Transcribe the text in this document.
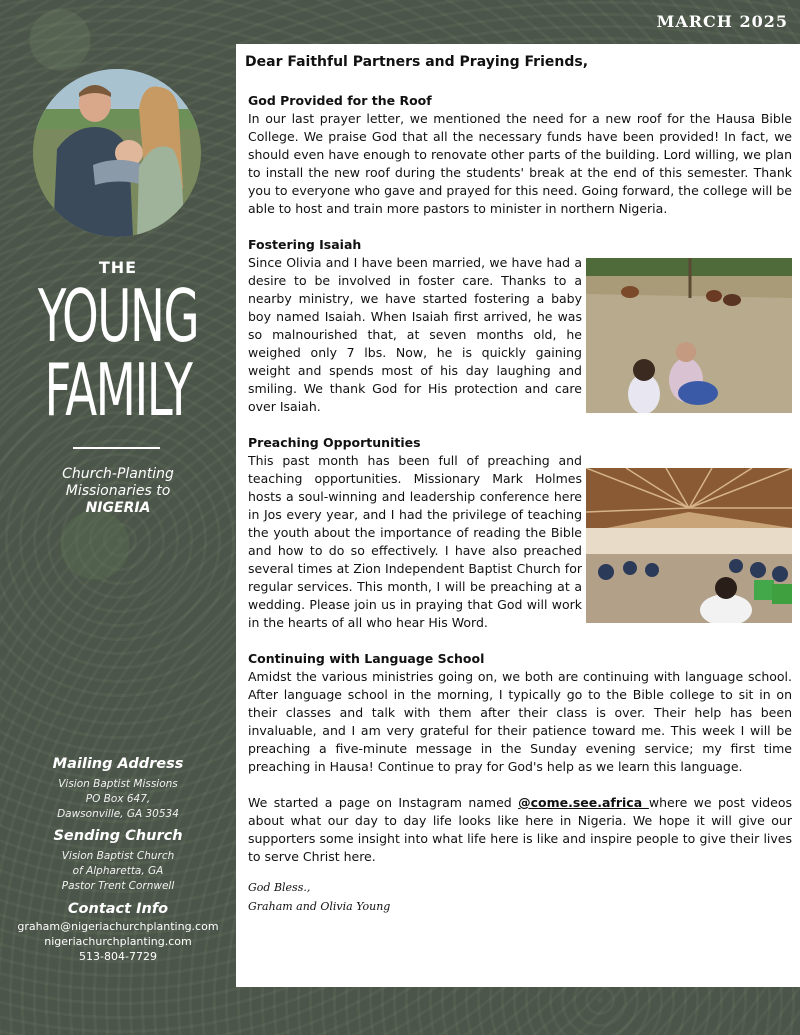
MARCH 2025
THE
YOUNG
FAMILY
Church-Planting
Missionaries to
NIGERIA
Mailing Address
Vision Baptist Missions
PO Box 647,
Dawsonville, GA 30534
Sending Church
Vision Baptist Church
of Alpharetta, GA
Pastor Trent Cornwell
Contact Info
graham@nigeriachurchplanting.com
nigeriachurchplanting.com
513-804-7729
Dear Faithful Partners and Praying Friends,
God Provided for the Roof

In our last prayer letter, we mentioned the need for a new roof for the Hausa Bible College. We praise God that all the necessary funds have been provided! In fact, we should even have enough to renovate other parts of the building. Lord willing, we plan to install the new roof during the students' break at the end of this semester. Thank you to everyone who gave and prayed for this need. Going forward, the college will be able to host and train more pastors to minister in northern Nigeria.

Fostering Isaiah

Since Olivia and I have been married, we have had a desire to be involved in foster care. Thanks to a nearby ministry, we have started fostering a baby boy named Isaiah. When Isaiah first arrived, he was so malnourished that, at seven months old, he weighed only 7 lbs. Now, he is quickly gaining weight and spends most of his day laughing and smiling. We thank God for His protection and care over Isaiah.

Preaching Opportunities

This past month has been full of preaching and teaching opportunities. Missionary Mark Holmes hosts a soul-winning and leadership conference here in Jos every year, and I had the privilege of teaching the youth about the importance of reading the Bible and how to do so effectively. I have also preached several times at Zion Independent Baptist Church for regular services. This month, I will be preaching at a wedding. Please join us in praying that God will work in the hearts of all who hear His Word.

Continuing with Language School

Amidst the various ministries going on, we both are continuing with language school. After language school in the morning, I typically go to the Bible college to sit in on their classes and talk with them after their class is over. Their help has been invaluable, and I am very grateful for their patience toward me. This week I will be preaching a five-minute message in the Sunday evening service; my first time preaching in Hausa! Continue to pray for God's help as we learn this language.

We started a page on Instagram named @come.see.africa where we post videos about what our day to day life looks like here in Nigeria. We hope it will give our supporters some insight into what life here is like and inspire people to give their lives to serve Christ here.

God Bless.,
Graham and Olivia Young
